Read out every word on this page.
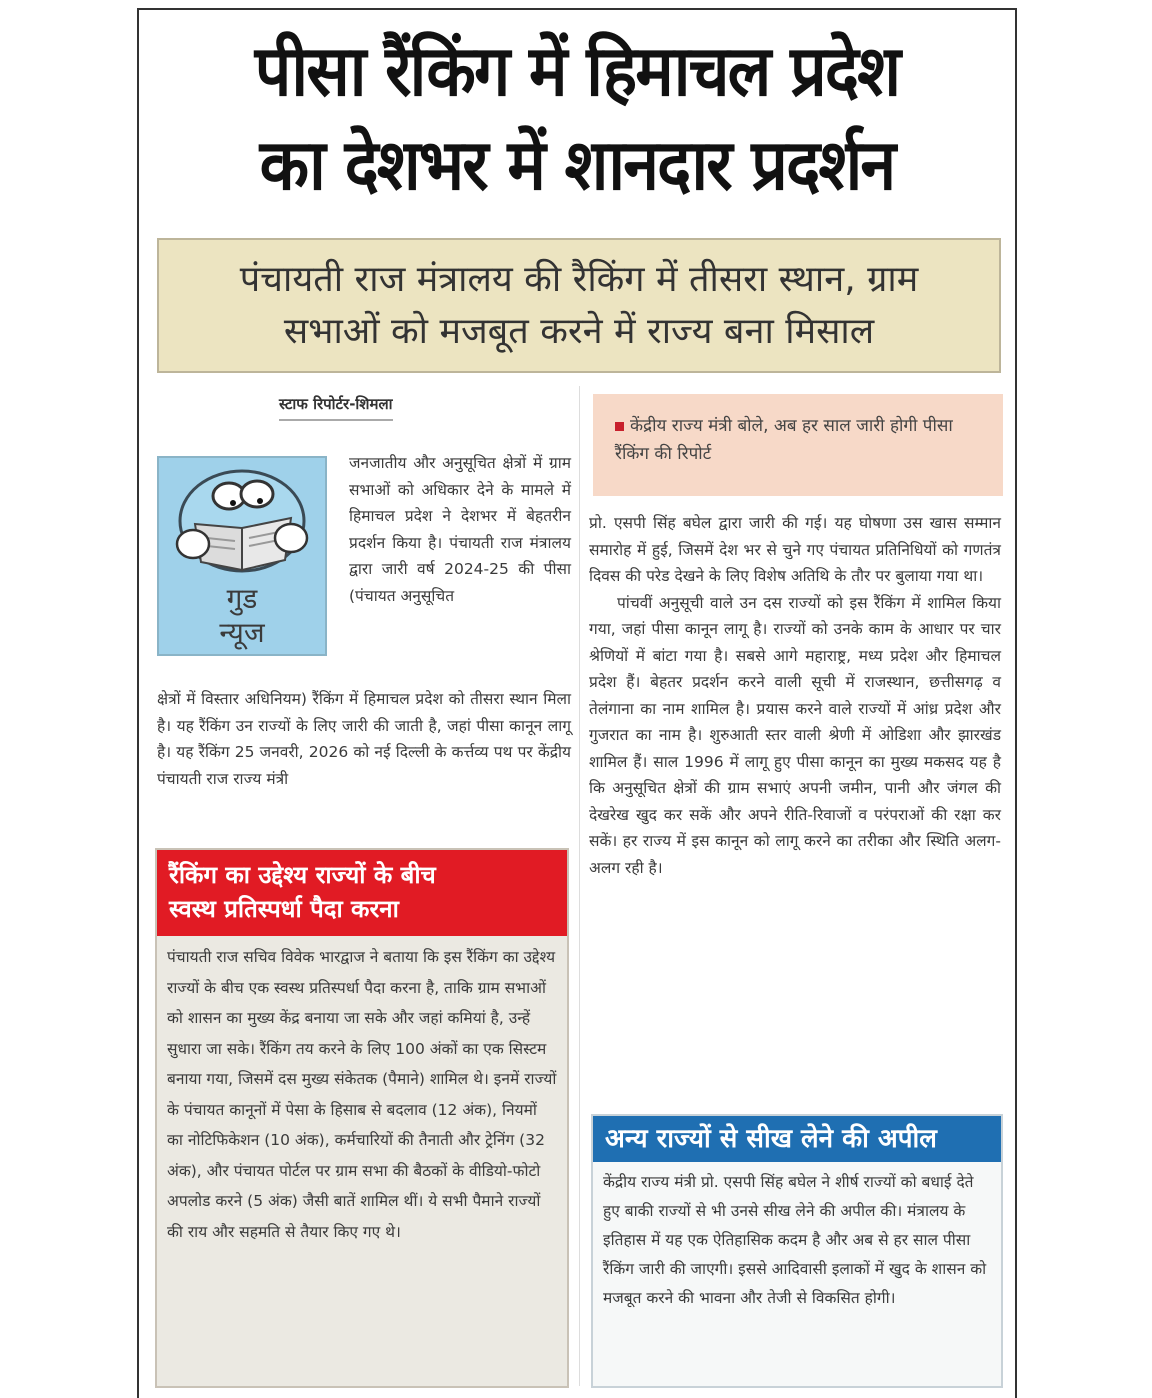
पीसा रैंकिंग में हिमाचल प्रदेश
का देशभर में शानदार प्रदर्शन
पंचायती राज मंत्रालय की रैकिंग में तीसरा स्थान, ग्राम
सभाओं को मजबूत करने में राज्य बना मिसाल
स्टाफ रिपोर्टर-शिमला
गुड
न्यूज
जनजातीय और अनुसूचित क्षेत्रों में ग्राम सभाओं को अधिकार देने के मामले में हिमाचल प्रदेश ने देशभर में बेहतरीन प्रदर्शन किया है। पंचायती राज मंत्रालय द्वारा जारी वर्ष 2024-25 की पीसा (पंचायत अनुसूचित
क्षेत्रों में विस्तार अधिनियम) रैंकिंग में हिमाचल प्रदेश को तीसरा स्थान मिला है। यह रैंकिंग उन राज्यों के लिए जारी की जाती है, जहां पीसा कानून लागू है। यह रैंकिंग 25 जनवरी, 2026 को नई दिल्ली के कर्त्तव्य पथ पर केंद्रीय पंचायती राज राज्य मंत्री
रैंकिंग का उद्देश्य राज्यों के बीच
स्वस्थ प्रतिस्पर्धा पैदा करना
पंचायती राज सचिव विवेक भारद्वाज ने बताया कि इस रैंकिंग का उद्देश्य राज्यों के बीच एक स्वस्थ प्रतिस्पर्धा पैदा करना है, ताकि ग्राम सभाओं को शासन का मुख्य केंद्र बनाया जा सके और जहां कमियां है, उन्हें सुधारा जा सके। रैंकिंग तय करने के लिए 100 अंकों का एक सिस्टम बनाया गया, जिसमें दस मुख्य संकेतक (पैमाने) शामिल थे। इनमें राज्यों के पंचायत कानूनों में पेसा के हिसाब से बदलाव (12 अंक), नियमों का नोटिफिकेशन (10 अंक), कर्मचारियों की तैनाती और ट्रेनिंग (32 अंक), और पंचायत पोर्टल पर ग्राम सभा की बैठकों के वीडियो-फोटो अपलोड करने (5 अंक) जैसी बातें शामिल थीं। ये सभी पैमाने राज्यों की राय और सहमति से तैयार किए गए थे।
केंद्रीय राज्य मंत्री बोले, अब हर साल जारी होगी पीसा रैंकिंग की रिपोर्ट

प्रो. एसपी सिंह बघेल द्वारा जारी की गई। यह घोषणा उस खास सम्मान समारोह में हुई, जिसमें देश भर से चुने गए पंचायत प्रतिनिधियों को गणतंत्र दिवस की परेड देखने के लिए विशेष अतिथि के तौर पर बुलाया गया था।

पांचवीं अनुसूची वाले उन दस राज्यों को इस रैंकिंग में शामिल किया गया, जहां पीसा कानून लागू है। राज्यों को उनके काम के आधार पर चार श्रेणियों में बांटा गया है। सबसे आगे महाराष्ट्र, मध्य प्रदेश और हिमाचल प्रदेश हैं। बेहतर प्रदर्शन करने वाली सूची में राजस्थान, छत्तीसगढ़ व तेलंगाना का नाम शामिल है। प्रयास करने वाले राज्यों में आंध्र प्रदेश और गुजरात का नाम है। शुरुआती स्तर वाली श्रेणी में ओडिशा और झारखंड शामिल हैं। साल 1996 में लागू हुए पीसा कानून का मुख्य मकसद यह है कि अनुसूचित क्षेत्रों की ग्राम सभाएं अपनी जमीन, पानी और जंगल की देखरेख खुद कर सकें और अपने रीति-रिवाजों व परंपराओं की रक्षा कर सकें। हर राज्य में इस कानून को लागू करने का तरीका और स्थिति अलग-अलग रही है।

अन्य राज्यों से सीख लेने की अपील
केंद्रीय राज्य मंत्री प्रो. एसपी सिंह बघेल ने शीर्ष राज्यों को बधाई देते हुए बाकी राज्यों से भी उनसे सीख लेने की अपील की। मंत्रालय के इतिहास में यह एक ऐतिहासिक कदम है और अब से हर साल पीसा रैंकिंग जारी की जाएगी। इससे आदिवासी इलाकों में खुद के शासन को मजबूत करने की भावना और तेजी से विकसित होगी।
